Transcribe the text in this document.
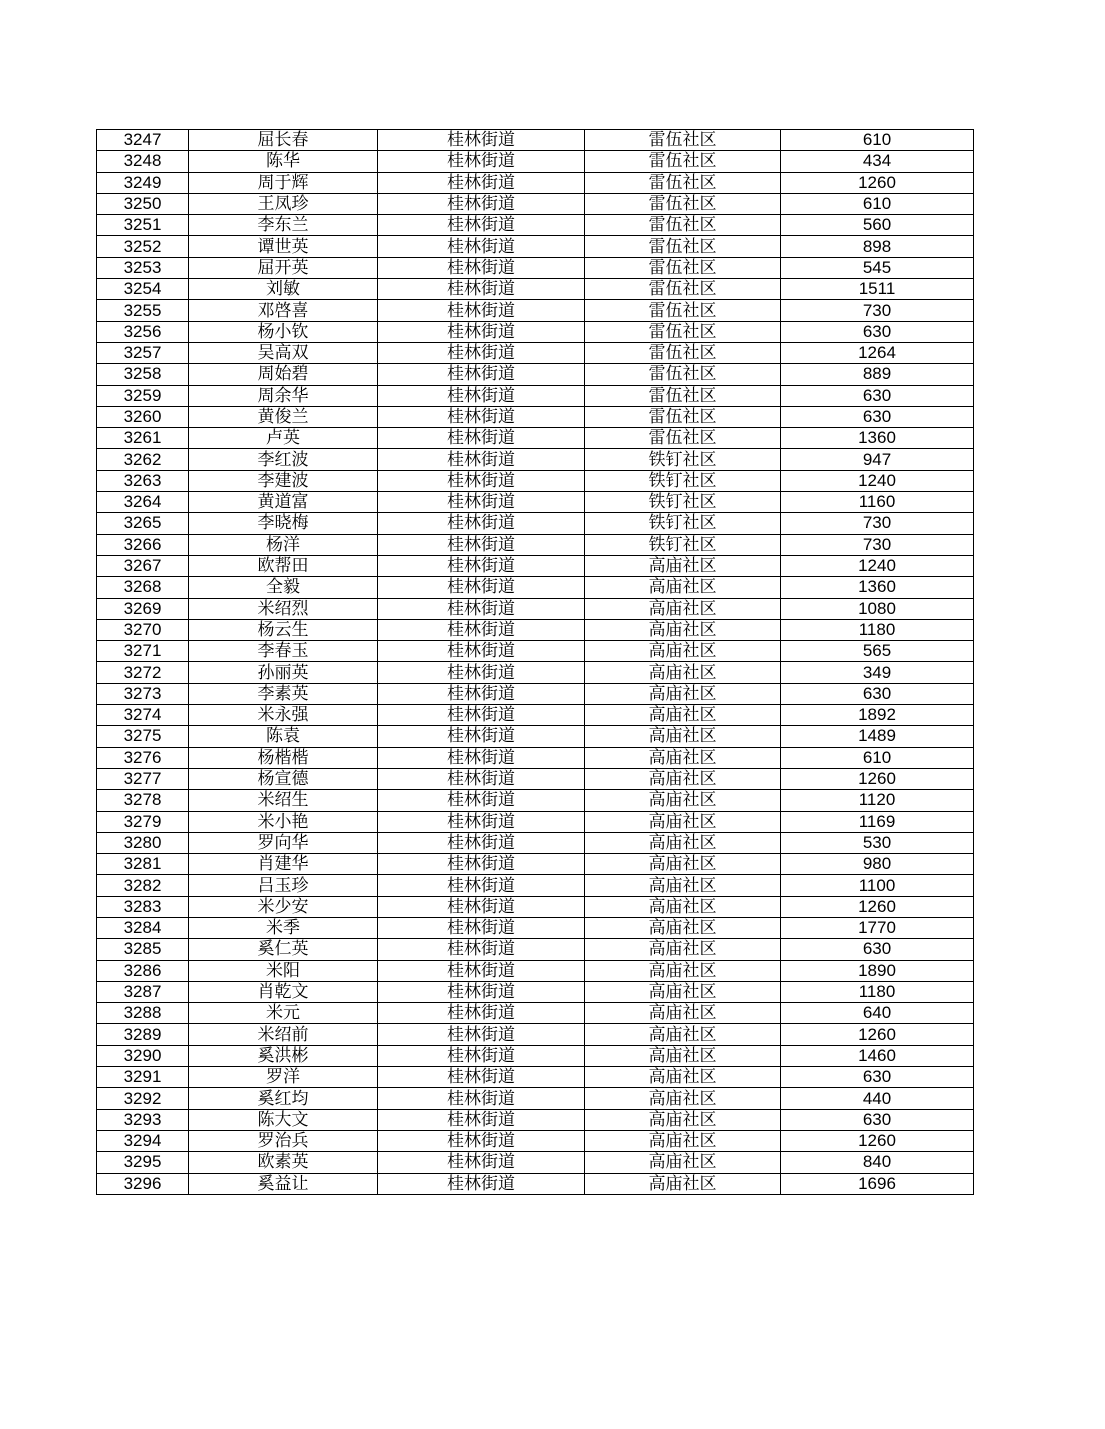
3247	屈长春	桂林街道	雷伍社区	610
3248	陈华	桂林街道	雷伍社区	434
3249	周于辉	桂林街道	雷伍社区	1260
3250	王凤珍	桂林街道	雷伍社区	610
3251	李东兰	桂林街道	雷伍社区	560
3252	谭世英	桂林街道	雷伍社区	898
3253	屈开英	桂林街道	雷伍社区	545
3254	刘敏	桂林街道	雷伍社区	1511
3255	邓啓喜	桂林街道	雷伍社区	730
3256	杨小钦	桂林街道	雷伍社区	630
3257	吴高双	桂林街道	雷伍社区	1264
3258	周始碧	桂林街道	雷伍社区	889
3259	周余华	桂林街道	雷伍社区	630
3260	黄俊兰	桂林街道	雷伍社区	630
3261	卢英	桂林街道	雷伍社区	1360
3262	李红波	桂林街道	铁钉社区	947
3263	李建波	桂林街道	铁钉社区	1240
3264	黄道富	桂林街道	铁钉社区	1160
3265	李晓梅	桂林街道	铁钉社区	730
3266	杨洋	桂林街道	铁钉社区	730
3267	欧帮田	桂林街道	高庙社区	1240
3268	全毅	桂林街道	高庙社区	1360
3269	米绍烈	桂林街道	高庙社区	1080
3270	杨云生	桂林街道	高庙社区	1180
3271	李春玉	桂林街道	高庙社区	565
3272	孙丽英	桂林街道	高庙社区	349
3273	李素英	桂林街道	高庙社区	630
3274	米永强	桂林街道	高庙社区	1892
3275	陈袁	桂林街道	高庙社区	1489
3276	杨楷楷	桂林街道	高庙社区	610
3277	杨宣德	桂林街道	高庙社区	1260
3278	米绍生	桂林街道	高庙社区	1120
3279	米小艳	桂林街道	高庙社区	1169
3280	罗向华	桂林街道	高庙社区	530
3281	肖建华	桂林街道	高庙社区	980
3282	吕玉珍	桂林街道	高庙社区	1100
3283	米少安	桂林街道	高庙社区	1260
3284	米季	桂林街道	高庙社区	1770
3285	奚仁英	桂林街道	高庙社区	630
3286	米阳	桂林街道	高庙社区	1890
3287	肖乾文	桂林街道	高庙社区	1180
3288	米元	桂林街道	高庙社区	640
3289	米绍前	桂林街道	高庙社区	1260
3290	奚洪彬	桂林街道	高庙社区	1460
3291	罗洋	桂林街道	高庙社区	630
3292	奚红均	桂林街道	高庙社区	440
3293	陈大文	桂林街道	高庙社区	630
3294	罗治兵	桂林街道	高庙社区	1260
3295	欧素英	桂林街道	高庙社区	840
3296	奚益让	桂林街道	高庙社区	1696
